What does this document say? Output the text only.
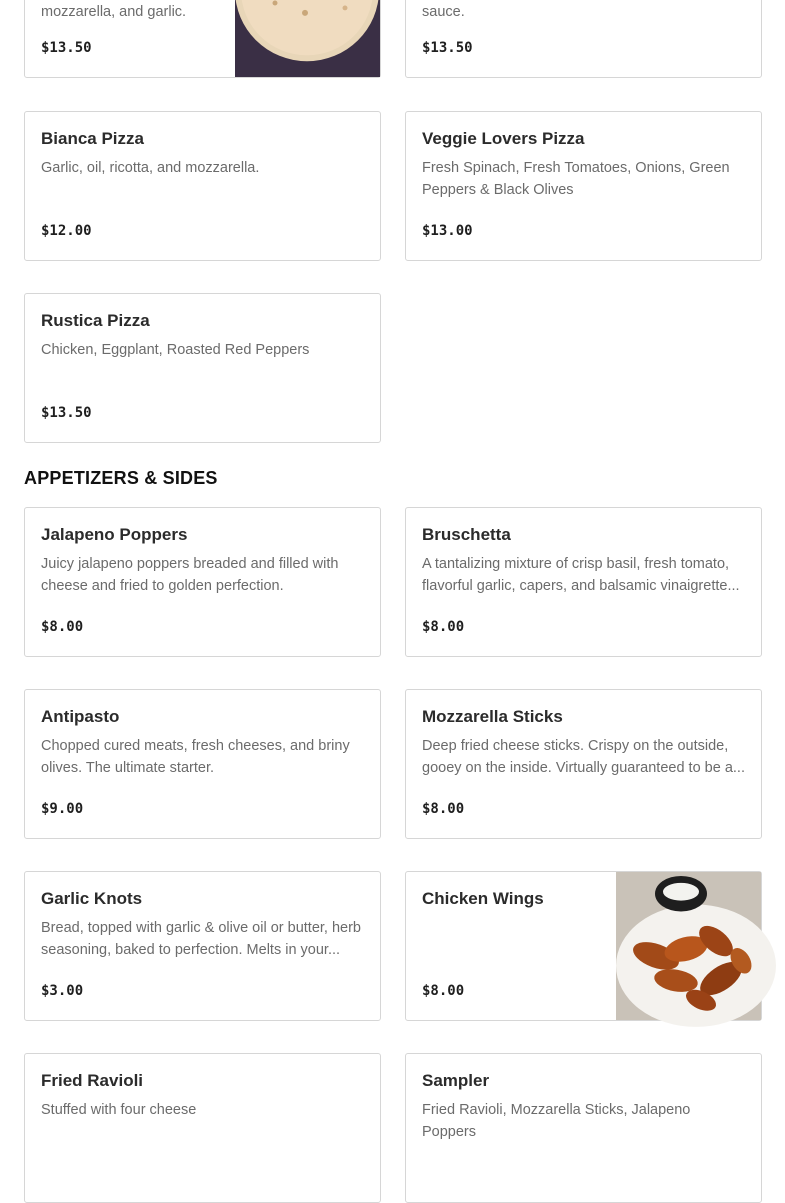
mozzarella, and garlic.
$13.50
sauce.
$13.50
Bianca Pizza
Garlic, oil, ricotta, and mozzarella.
$12.00
Veggie Lovers Pizza
Fresh Spinach, Fresh Tomatoes, Onions, Green Peppers & Black Olives
$13.00
Rustica Pizza
Chicken, Eggplant, Roasted Red Peppers
$13.50
APPETIZERS & SIDES
Jalapeno Poppers
Juicy jalapeno poppers breaded and filled with cheese and fried to golden perfection.
$8.00
Bruschetta
A tantalizing mixture of crisp basil, fresh tomato, flavorful garlic, capers, and balsamic vinaigrette...
$8.00
Antipasto
Chopped cured meats, fresh cheeses, and briny olives. The ultimate starter.
$9.00
Mozzarella Sticks
Deep fried cheese sticks. Crispy on the outside, gooey on the inside. Virtually guaranteed to be a...
$8.00
Garlic Knots
Bread, topped with garlic & olive oil or butter, herb seasoning, baked to perfection. Melts in your...
$3.00
Chicken Wings
$8.00
Fried Ravioli
Stuffed with four cheese
Sampler
Fried Ravioli, Mozzarella Sticks, Jalapeno Poppers
